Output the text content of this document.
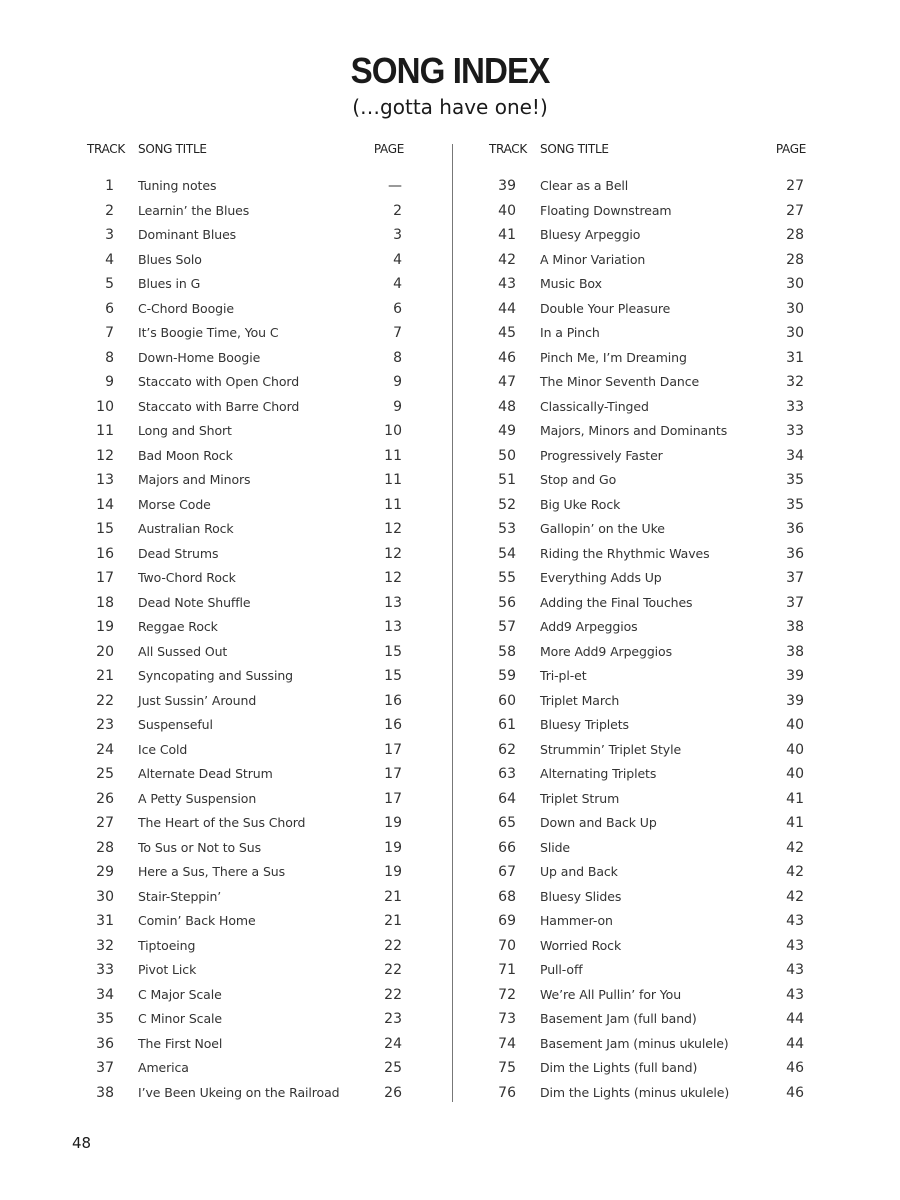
SONG INDEX
(…gotta have one!)
TRACK SONG TITLE	PAGE
1 Tuning notes	—
2 Learnin’ the Blues	2
3 Dominant Blues	3
4 Blues Solo	4
5 Blues in G	4
6 C-Chord Boogie	6
7 It’s Boogie Time, You C	7
8 Down-Home Boogie	8
9 Staccato with Open Chord	9
10 Staccato with Barre Chord	9
11 Long and Short	10
12 Bad Moon Rock	11
13 Majors and Minors	11
14 Morse Code	11
15 Australian Rock	12
16 Dead Strums	12
17 Two-Chord Rock	12
18 Dead Note Shuffle	13
19 Reggae Rock	13
20 All Sussed Out	15
21 Syncopating and Sussing	15
22 Just Sussin’ Around	16
23 Suspenseful	16
24 Ice Cold	17
25 Alternate Dead Strum	17
26 A Petty Suspension	17
27 The Heart of the Sus Chord	19
28 To Sus or Not to Sus	19
29 Here a Sus, There a Sus	19
30 Stair-Steppin’	21
31 Comin’ Back Home	21
32 Tiptoeing	22
33 Pivot Lick	22
34 C Major Scale	22
35 C Minor Scale	23
36 The First Noel	24
37 America	25
38 I’ve Been Ukeing on the Railroad	26
TRACK SONG TITLE	PAGE
39 Clear as a Bell	27
40 Floating Downstream	27
41 Bluesy Arpeggio	28
42 A Minor Variation	28
43 Music Box	30
44 Double Your Pleasure	30
45 In a Pinch	30
46 Pinch Me, I’m Dreaming	31
47 The Minor Seventh Dance	32
48 Classically-Tinged	33
49 Majors, Minors and Dominants	33
50 Progressively Faster	34
51 Stop and Go	35
52 Big Uke Rock	35
53 Gallopin’ on the Uke	36
54 Riding the Rhythmic Waves	36
55 Everything Adds Up	37
56 Adding the Final Touches	37
57 Add9 Arpeggios	38
58 More Add9 Arpeggios	38
59 Tri-pl-et	39
60 Triplet March	39
61 Bluesy Triplets	40
62 Strummin’ Triplet Style	40
63 Alternating Triplets	40
64 Triplet Strum	41
65 Down and Back Up	41
66 Slide	42
67 Up and Back	42
68 Bluesy Slides	42
69 Hammer-on	43
70 Worried Rock	43
71 Pull-off	43
72 We’re All Pullin’ for You	43
73 Basement Jam (full band)	44
74 Basement Jam (minus ukulele)	44
75 Dim the Lights (full band)	46
76 Dim the Lights (minus ukulele)	46
48
